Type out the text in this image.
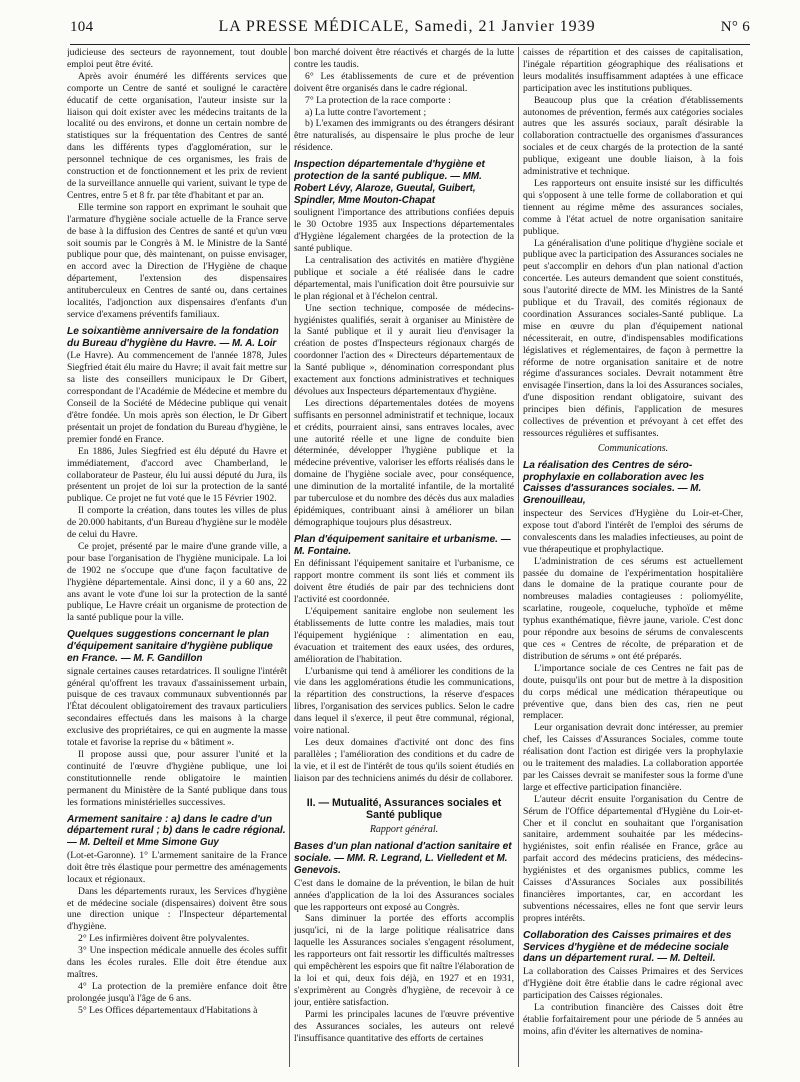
104	LA PRESSE MÉDICALE, Samedi, 21 Janvier 1939	N° 6

judicieuse des secteurs de rayonnement, tout double emploi peut être évité.

Après avoir énuméré les différents services que comporte un Centre de santé et souligné le caractère éducatif de cette organisation, l'auteur insiste sur la liaison qui doit exister avec les médecins traitants de la localité ou des environs, et donne un certain nombre de statistiques sur la fréquentation des Centres de santé dans les différents types d'agglomération, sur le personnel technique de ces organismes, les frais de construction et de fonctionnement et les prix de revient de la surveillance annuelle qui varient, suivant le type de Centres, entre 5 et 8 fr. par tête d'habitant et par an.

Elle termine son rapport en exprimant le souhait que l'armature d'hygiène sociale actuelle de la France serve de base à la diffusion des Centres de santé et qu'un vœu soit soumis par le Congrès à M. le Ministre de la Santé publique pour que, dès maintenant, on puisse envisager, en accord avec la Direction de l'Hygiène de chaque département, l'extension des dispensaires antituberculeux en Centres de santé ou, dans certaines localités, l'adjonction aux dispensaires d'enfants d'un service d'examens préventifs familiaux.

Le soixantième anniversaire de la fondation du Bureau d'hygiène du Havre. — M. A. Loir

(Le Havre). Au commencement de l'année 1878, Jules Siegfried était élu maire du Havre; il avait fait mettre sur sa liste des conseillers municipaux le Dr Gibert, correspondant de l'Académie de Médecine et membre du Conseil de la Société de Médecine publique qui venait d'être fondée. Un mois après son élection, le Dr Gibert présentait un projet de fondation du Bureau d'hygiène, le premier fondé en France.

En 1886, Jules Siegfried est élu député du Havre et immédiatement, d'accord avec Chamberland, le collaborateur de Pasteur, élu lui aussi député du Jura, ils présentent un projet de loi sur la protection de la santé publique. Ce projet ne fut voté que le 15 Février 1902.

Il comporte la création, dans toutes les villes de plus de 20.000 habitants, d'un Bureau d'hygiène sur le modèle de celui du Havre.

Ce projet, présenté par le maire d'une grande ville, a pour base l'organisation de l'hygiène municipale. La loi de 1902 ne s'occupe que d'une façon facultative de l'hygiène départementale. Ainsi donc, il y a 60 ans, 22 ans avant le vote d'une loi sur la protection de la santé publique, Le Havre créait un organisme de protection de la santé publique pour la ville.

Quelques suggestions concernant le plan d'équipement sanitaire d'hygiène publique en France. — M. F. Gandillon

signale certaines causes retardatrices. Il souligne l'intérêt général qu'offrent les travaux d'assainissement urbain, puisque de ces travaux communaux subventionnés par l'État découlent obligatoirement des travaux particuliers secondaires effectués dans les maisons à la charge exclusive des propriétaires, ce qui en augmente la masse totale et favorise la reprise du « bâtiment ».

Il propose aussi que, pour assurer l'unité et la continuité de l'œuvre d'hygiène publique, une loi constitutionnelle rende obligatoire le maintien permanent du Ministère de la Santé publique dans tous les formations ministérielles successives.

Armement sanitaire : a) dans le cadre d'un département rural ; b) dans le cadre régional. — M. Delteil et Mme Simone Guy

(Lot-et-Garonne). 1° L'armement sanitaire de la France doit être très élastique pour permettre des aménagements locaux et régionaux.

Dans les départements ruraux, les Services d'hygiène et de médecine sociale (dispensaires) doivent être sous une direction unique : l'Inspecteur départemental d'hygiène.

2° Les infirmières doivent être polyvalentes.

3° Une inspection médicale annuelle des écoles suffit dans les écoles rurales. Elle doit être étendue aux maîtres.

4° La protection de la première enfance doit être prolongée jusqu'à l'âge de 6 ans.

5° Les Offices départementaux d'Habitations à

bon marché doivent être réactivés et chargés de la lutte contre les taudis.

6° Les établissements de cure et de prévention doivent être organisés dans le cadre régional.

7° La protection de la race comporte :

a) La lutte contre l'avortement ;

b) L'examen des immigrants ou des étrangers désirant être naturalisés, au dispensaire le plus proche de leur résidence.

Inspection départementale d'hygiène et protection de la santé publique. — MM. Robert Lévy, Alaroze, Gueutal, Guibert, Spindler, Mme Mouton-Chapat

soulignent l'importance des attributions confiées depuis le 30 Octobre 1935 aux Inspections départementales d'Hygiène légalement chargées de la protection de la santé publique.

La centralisation des activités en matière d'hygiène publique et sociale a été réalisée dans le cadre départemental, mais l'unification doit être poursuivie sur le plan régional et à l'échelon central.

Une section technique, composée de médecins-hygiénistes qualifiés, serait à organiser au Ministère de la Santé publique et il y aurait lieu d'envisager la création de postes d'Inspecteurs régionaux chargés de coordonner l'action des « Directeurs départementaux de la Santé publique », dénomination correspondant plus exactement aux fonctions administratives et techniques dévolues aux Inspecteurs départementaux d'hygiène.

Les directions départementales dotées de moyens suffisants en personnel administratif et technique, locaux et crédits, pourraient ainsi, sans entraves locales, avec une autorité réelle et une ligne de conduite bien déterminée, développer l'hygiène publique et la médecine préventive, valoriser les efforts réalisés dans le domaine de l'hygiène sociale avec, pour conséquence, une diminution de la mortalité infantile, de la mortalité par tuberculose et du nombre des décès dus aux maladies épidémiques, contribuant ainsi à améliorer un bilan démographique toujours plus désastreux.

Plan d'équipement sanitaire et urbanisme. — M. Fontaine.

En définissant l'équipement sanitaire et l'urbanisme, ce rapport montre comment ils sont liés et comment ils doivent être étudiés de pair par des techniciens dont l'activité est coordonnée.

L'équipement sanitaire englobe non seulement les établissements de lutte contre les maladies, mais tout l'équipement hygiénique : alimentation en eau, évacuation et traitement des eaux usées, des ordures, amélioration de l'habitation.

L'urbanisme qui tend à améliorer les conditions de la vie dans les agglomérations étudie les communications, la répartition des constructions, la réserve d'espaces libres, l'organisation des services publics. Selon le cadre dans lequel il s'exerce, il peut être communal, régional, voire national.

Les deux domaines d'activité ont donc des fins parallèles ; l'amélioration des conditions et du cadre de la vie, et il est de l'intérêt de tous qu'ils soient étudiés en liaison par des techniciens animés du désir de collaborer.

II. — Mutualité, Assurances sociales et Santé publique
Rapport général.
Bases d'un plan national d'action sanitaire et sociale. — MM. R. Legrand, L. Vielledent et M. Genevois.

C'est dans le domaine de la prévention, le bilan de huit années d'application de la loi des Assurances sociales que les rapporteurs ont exposé au Congrès.

Sans diminuer la portée des efforts accomplis jusqu'ici, ni de la large politique réalisatrice dans laquelle les Assurances sociales s'engagent résolument, les rapporteurs ont fait ressortir les difficultés maîtresses qui empêchèrent les espoirs que fit naître l'élaboration de la loi et qui, deux fois déjà, en 1927 et en 1931, s'exprimèrent au Congrès d'hygiène, de recevoir à ce jour, entière satisfaction.

Parmi les principales lacunes de l'œuvre préventive des Assurances sociales, les auteurs ont relevé l'insuffisance quantitative des efforts de certaines

caisses de répartition et des caisses de capitalisation, l'inégale répartition géographique des réalisations et leurs modalités insuffisamment adaptées à une efficace participation avec les institutions publiques.

Beaucoup plus que la création d'établissements autonomes de prévention, fermés aux catégories sociales autres que les assurés sociaux, paraît désirable la collaboration contractuelle des organismes d'assurances sociales et de ceux chargés de la protection de la santé publique, exigeant une double liaison, à la fois administrative et technique.

Les rapporteurs ont ensuite insisté sur les difficultés qui s'opposent à une telle forme de collaboration et qui tiennent au régime même des assurances sociales, comme à l'état actuel de notre organisation sanitaire publique.

La généralisation d'une politique d'hygiène sociale et publique avec la participation des Assurances sociales ne peut s'accomplir en dehors d'un plan national d'action concertée. Les auteurs demandent que soient constitués, sous l'autorité directe de MM. les Ministres de la Santé publique et du Travail, des comités régionaux de coordination Assurances sociales-Santé publique. La mise en œuvre du plan d'équipement national nécessiterait, en outre, d'indispensables modifications législatives et réglementaires, de façon à permettre la réforme de notre organisation sanitaire et de notre régime d'assurances sociales. Devrait notamment être envisagée l'insertion, dans la loi des Assurances sociales, d'une disposition rendant obligatoire, suivant des principes bien définis, l'application de mesures collectives de prévention et prévoyant à cet effet des ressources régulières et suffisantes.

Communications.
La réalisation des Centres de séro-prophylaxie en collaboration avec les Caisses d'assurances sociales. — M. Grenouilleau,

inspecteur des Services d'Hygiène du Loir-et-Cher, expose tout d'abord l'intérêt de l'emploi des sérums de convalescents dans les maladies infectieuses, au point de vue thérapeutique et prophylactique.

L'administration de ces sérums est actuellement passée du domaine de l'expérimentation hospitalière dans le domaine de la pratique courante pour de nombreuses maladies contagieuses : poliomyélite, scarlatine, rougeole, coqueluche, typhoïde et même typhus exanthématique, fièvre jaune, variole. C'est donc pour répondre aux besoins de sérums de convalescents que ces « Centres de récolte, de préparation et de distribution de sérums » ont été préparés.

L'importance sociale de ces Centres ne fait pas de doute, puisqu'ils ont pour but de mettre à la disposition du corps médical une médication thérapeutique ou préventive que, dans bien des cas, rien ne peut remplacer.

Leur organisation devrait donc intéresser, au premier chef, les Caisses d'Assurances Sociales, comme toute réalisation dont l'action est dirigée vers la prophylaxie ou le traitement des maladies. La collaboration apportée par les Caisses devrait se manifester sous la forme d'une large et effective participation financière.

L'auteur décrit ensuite l'organisation du Centre de Sérum de l'Office départemental d'Hygiène du Loir-et-Cher et il conclut en souhaitant que l'organisation sanitaire, ardemment souhaitée par les médecins-hygiénistes, soit enfin réalisée en France, grâce au parfait accord des médecins praticiens, des médecins-hygiénistes et des organismes publics, comme les Caisses d'Assurances Sociales aux possibilités financières importantes, car, en accordant les subventions nécessaires, elles ne font que servir leurs propres intérêts.

Collaboration des Caisses primaires et des Services d'hygiène et de médecine sociale dans un département rural. — M. Delteil.

La collaboration des Caisses Primaires et des Services d'Hygiène doit être établie dans le cadre régional avec participation des Caisses régionales.

La contribution financière des Caisses doit être établie forfaitairement pour une période de 5 années au moins, afin d'éviter les alternatives de nomina-
